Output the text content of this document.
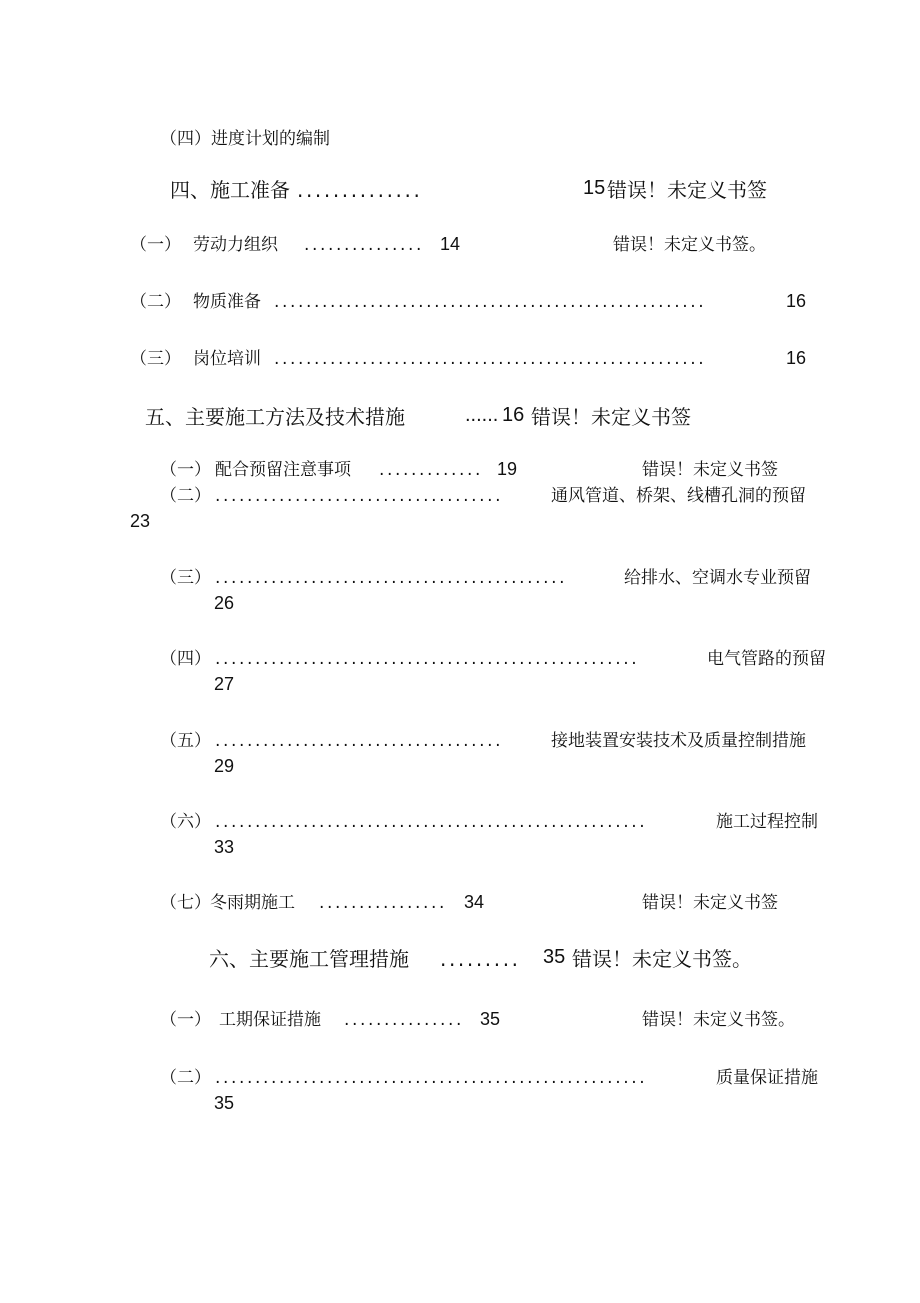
（四）进度计划的编制
四、施工准备 ..............	15 错误！未定义书签
（一） 劳动力组织 ............... 14	错误！未定义书签。
（二） 物质准备 ......................................................	16
（三） 岗位培训 ......................................................	16
五、主要施工方法及技术措施	...... 16 错误！未定义书签
（一） 配合预留注意事项 ............. 19	错误！未定义书签
（二） ....................................	通风管道、桥架、线槽孔洞的预留
23
（三） ............................................	给排水、空调水专业预留
26
（四） .....................................................	电气管路的预留
27
（五） ....................................	接地装置安装技术及质量控制措施
29
（六） ......................................................	施工过程控制
33
（七） 冬雨期施工 ................ 34	错误！未定义书签
六、主要施工管理措施 ......... 35 错误！未定义书签。
（一） 工期保证措施 ............... 35	错误！未定义书签。
（二） ......................................................	质量保证措施
35
